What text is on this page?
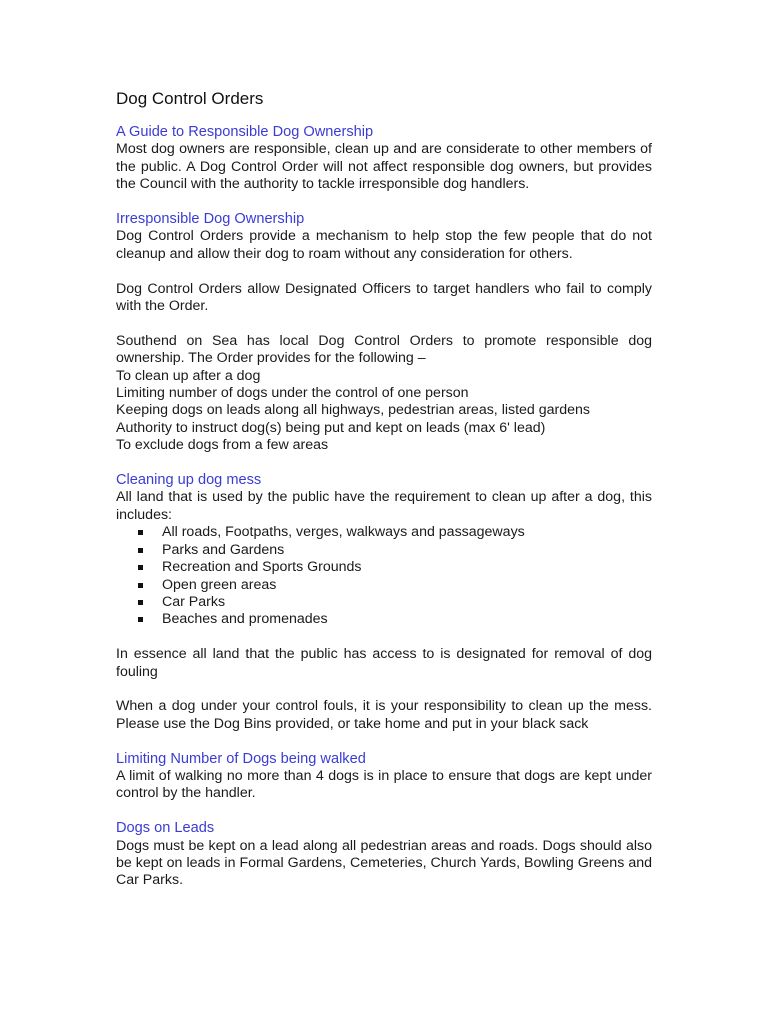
Dog Control Orders
A Guide to Responsible Dog Ownership

Most dog owners are responsible, clean up and are considerate to other members of the public. A Dog Control Order will not affect responsible dog owners, but provides the Council with the authority to tackle irresponsible dog handlers.

Irresponsible Dog Ownership

Dog Control Orders provide a mechanism to help stop the few people that do not cleanup and allow their dog to roam without any consideration for others.

Dog Control Orders allow Designated Officers to target handlers who fail to comply with the Order.

Southend on Sea has local Dog Control Orders to promote responsible dog ownership. The Order provides for the following –

To clean up after a dog

Limiting number of dogs under the control of one person

Keeping dogs on leads along all highways, pedestrian areas, listed gardens

Authority to instruct dog(s) being put and kept on leads (max 6' lead)

To exclude dogs from a few areas

Cleaning up dog mess

All land that is used by the public have the requirement to clean up after a dog, this includes:

All roads, Footpaths, verges, walkways and passageways
Parks and Gardens
Recreation and Sports Grounds
Open green areas
Car Parks
Beaches and promenades

In essence all land that the public has access to is designated for removal of dog fouling

When a dog under your control fouls, it is your responsibility to clean up the mess. Please use the Dog Bins provided, or take home and put in your black sack

Limiting Number of Dogs being walked

A limit of walking no more than 4 dogs is in place to ensure that dogs are kept under control by the handler.

Dogs on Leads

Dogs must be kept on a lead along all pedestrian areas and roads. Dogs should also be kept on leads in Formal Gardens, Cemeteries, Church Yards, Bowling Greens and Car Parks.
